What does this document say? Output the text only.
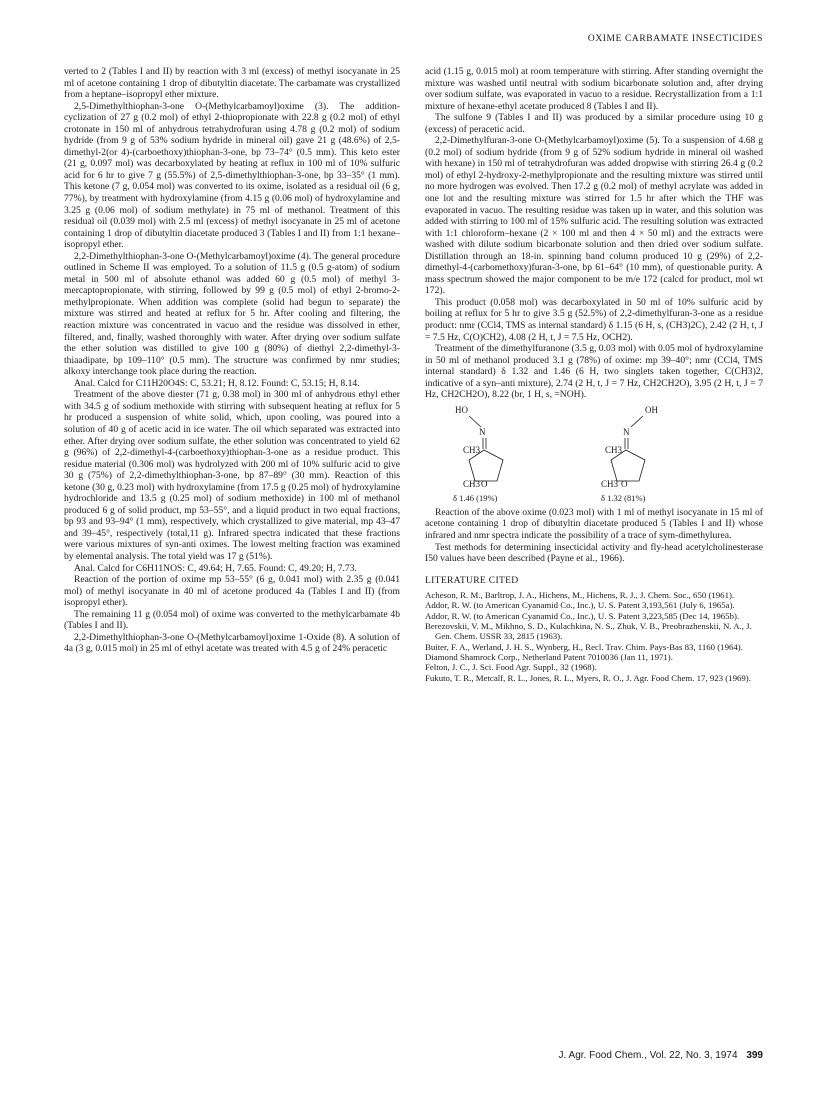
OXIME CARBAMATE INSECTICIDES

verted to 2 (Tables I and II) by reaction with 3 ml (excess) of methyl isocyanate in 25 ml of acetone containing 1 drop of dibutyltin diacetate. The carbamate was crystallized from a heptane–isopropyl ether mixture.

2,5-Dimethylthiophan-3-one O-(Methylcarbamoyl)oxime (3). The addition-cyclization of 27 g (0.2 mol) of ethyl 2-thiopropionate with 22.8 g (0.2 mol) of ethyl crotonate in 150 ml of anhydrous tetrahydrofuran using 4.78 g (0.2 mol) of sodium hydride (from 9 g of 53% sodium hydride in mineral oil) gave 21 g (48.6%) of 2,5-dimethyl-2(or 4)-(carboethoxy)thiophan-3-one, bp 73–74° (0.5 mm). This keto ester (21 g, 0.097 mol) was decarboxylated by heating at reflux in 100 ml of 10% sulfuric acid for 6 hr to give 7 g (55.5%) of 2,5-dimethylthiophan-3-one, bp 33–35° (1 mm). This ketone (7 g, 0.054 mol) was converted to its oxime, isolated as a residual oil (6 g, 77%), by treatment with hydroxylamine (from 4.15 g (0.06 mol) of hydroxylamine and 3.25 g (0.06 mol) of sodium methylate) in 75 ml of methanol. Treatment of this residual oil (0.039 mol) with 2.5 ml (excess) of methyl isocyanate in 25 ml of acetone containing 1 drop of dibutyltin diacetate produced 3 (Tables I and II) from 1:1 hexane–isopropyl ether.

2,2-Dimethylthiophan-3-one O-(Methylcarbamoyl)oxime (4). The general procedure outlined in Scheme II was employed. To a solution of 11.5 g (0.5 g-atom) of sodium metal in 500 ml of absolute ethanol was added 60 g (0.5 mol) of methyl 3-mercaptopropionate, with stirring, followed by 99 g (0.5 mol) of ethyl 2-bromo-2-methylpropionate. When addition was complete (solid had begun to separate) the mixture was stirred and heated at reflux for 5 hr. After cooling and filtering, the reaction mixture was concentrated in vacuo and the residue was dissolved in ether, filtered, and, finally, washed thoroughly with water. After drying over sodium sulfate the ether solution was distilled to give 100 g (80%) of diethyl 2,2-dimethyl-3-thiaadipate, bp 109–110° (0.5 mm). The structure was confirmed by nmr studies; alkoxy interchange took place during the reaction.

Anal. Calcd for C11H20O4S: C, 53.21; H, 8.12. Found: C, 53.15; H, 8.14.

Treatment of the above diester (71 g, 0.38 mol) in 300 ml of anhydrous ethyl ether with 34.5 g of sodium methoxide with stirring with subsequent heating at reflux for 5 hr produced a suspension of white solid, which, upon cooling, was poured into a solution of 40 g of acetic acid in ice water. The oil which separated was extracted into ether. After drying over sodium sulfate, the ether solution was concentrated to yield 62 g (96%) of 2,2-dimethyl-4-(carboethoxy)thiophan-3-one as a residue product. This residue material (0.306 mol) was hydrolyzed with 200 ml of 10% sulfuric acid to give 30 g (75%) of 2,2-dimethylthiophan-3-one, bp 87–89° (30 mm). Reaction of this ketone (30 g, 0.23 mol) with hydroxylamine (from 17.5 g (0.25 mol) of hydroxylamine hydrochloride and 13.5 g (0.25 mol) of sodium methoxide) in 100 ml of methanol produced 6 g of solid product, mp 53–55°, and a liquid product in two equal fractions, bp 93 and 93–94° (1 mm), respectively, which crystallized to give material, mp 43–47 and 39–45°, respectively (total,11 g). Infrared spectra indicated that these fractions were various mixtures of syn-anti oximes. The lowest melting fraction was examined by elemental analysis. The total yield was 17 g (51%).

Anal. Calcd for C6H11NOS: C, 49.64; H, 7.65. Found: C, 49.20; H, 7.73.

Reaction of the portion of oxime mp 53–55° (6 g, 0.041 mol) with 2.35 g (0.041 mol) of methyl isocyanate in 40 ml of acetone produced 4a (Tables I and II) (from isopropyl ether).

The remaining 11 g (0.054 mol) of oxime was converted to the methylcarbamate 4b (Tables I and II).

2,2-Dimethylthiophan-3-one O-(Methylcarbamoyl)oxime 1-Oxide (8). A solution of 4a (3 g, 0.015 mol) in 25 ml of ethyl acetate was treated with 4.5 g of 24% peracetic

acid (1.15 g, 0.015 mol) at room temperature with stirring. After standing overnight the mixture was washed until neutral with sodium bicarbonate solution and, after drying over sodium sulfate, was evaporated in vacuo to a residue. Recrystallization from a 1:1 mixture of hexane-ethyl acetate produced 8 (Tables I and II).

The sulfone 9 (Tables I and II) was produced by a similar procedure using 10 g (excess) of peracetic acid.

2,2-Dimethylfuran-3-one O-(Methylcarbamoyl)oxime (5). To a suspension of 4.68 g (0.2 mol) of sodium hydride (from 9 g of 52% sodium hydride in mineral oil washed with hexane) in 150 ml of tetrahydrofuran was added dropwise with stirring 26.4 g (0.2 mol) of ethyl 2-hydroxy-2-methylpropionate and the resulting mixture was stirred until no more hydrogen was evolved. Then 17.2 g (0.2 mol) of methyl acrylate was added in one lot and the resulting mixture was stirred for 1.5 hr after which the THF was evaporated in vacuo. The resulting residue was taken up in water, and this solution was added with stirring to 100 ml of 15% sulfuric acid. The resulting solution was extracted with 1:1 chloroform–hexane (2 × 100 ml and then 4 × 50 ml) and the extracts were washed with dilute sodium bicarbonate solution and then dried over sodium sulfate. Distillation through an 18-in. spinning band column produced 10 g (29%) of 2,2-dimethyl-4-(carbomethoxy)furan-3-one, bp 61–64° (10 mm), of questionable purity. A mass spectrum showed the major component to be m/e 172 (calcd for product, mol wt 172).

This product (0.058 mol) was decarboxylated in 50 ml of 10% sulfuric acid by boiling at reflux for 5 hr to give 3.5 g (52.5%) of 2,2-dimethylfuran-3-one as a residue product: nmr (CCl4, TMS as internal standard) δ 1.15 (6 H, s, (CH3)2C), 2.42 (2 H, t, J = 7.5 Hz, C(O)CH2), 4.08 (2 H, t, J = 7.5 Hz, OCH2).

Treatment of the dimethylfuranone (3.5 g, 0.03 mol) with 0.05 mol of hydroxylamine in 50 ml of methanol produced 3.1 g (78%) of oxime: mp 39–40°; nmr (CCl4, TMS internal standard) δ 1.32 and 1.46 (6 H, two singlets taken together, C(CH3)2, indicative of a syn–anti mixture), 2.74 (2 H, t, J = 7 Hz, CH2CH2O), 3.95 (2 H, t, J = 7 Hz, CH2CH2O), 8.22 (br, 1 H, s, =NOH).

HO
N
CH3
CH3 O
δ 1.46 (19%)
OH
N
CH3
CH3 O
δ 1.32 (81%)

Reaction of the above oxime (0.023 mol) with 1 ml of methyl isocyanate in 15 ml of acetone containing 1 drop of dibutyltin diacetate produced 5 (Tables I and II) whose infrared and nmr spectra indicate the possibility of a trace of sym-dimethylurea.

Test methods for determining insecticidal activity and fly-head acetylcholinesterase I50 values have been described (Payne et al., 1966).

LITERATURE CITED

Acheson, R. M., Barltrop, J. A., Hichens, M., Hichens, R. J., J. Chem. Soc., 650 (1961).

Addor, R. W. (to American Cyanamid Co., Inc.), U. S. Patent 3,193,561 (July 6, 1965a).

Addor, R. W. (to American Cyanamid Co., Inc.), U. S. Patent 3,223,585 (Dec 14, 1965b).

Berezovskii, V. M., Mikhno, S. D., Kulachkina, N. S., Zhuk, V. B., Preobrazhenskii, N. A., J. Gen. Chem. USSR 33, 2815 (1963).

Buiter, F. A., Werland, J. H. S., Wynberg, H., Recl. Trav. Chim. Pays-Bas 83, 1160 (1964).

Diamond Shamrock Corp., Netherland Patent 7010036 (Jan 11, 1971).

Felton, J. C., J. Sci. Food Agr. Suppl., 32 (1968).

Fukuto, T. R., Metcalf, R. L., Jones, R. L., Myers, R. O., J. Agr. Food Chem. 17, 923 (1969).

J. Agr. Food Chem., Vol. 22, No. 3, 1974 399
